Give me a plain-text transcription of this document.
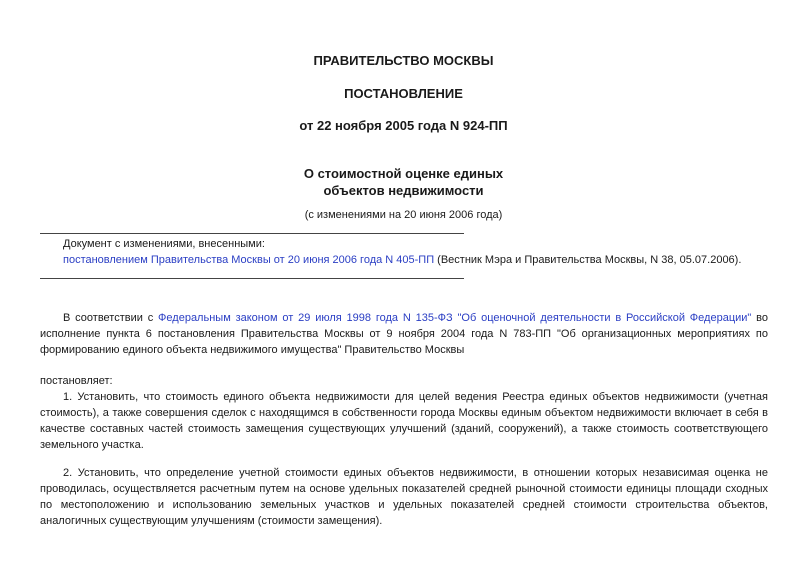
ПРАВИТЕЛЬСТВО МОСКВЫ
ПОСТАНОВЛЕНИЕ
от 22 ноября 2005 года N 924-ПП
О стоимостной оценке единых
объектов недвижимости
(с изменениями на 20 июня 2006 года)
Документ с изменениями, внесенными:
постановлением Правительства Москвы от 20 июня 2006 года N 405-ПП (Вестник Мэра и Правительства Москвы, N 38, 05.07.2006).

В соответствии с Федеральным законом от 29 июля 1998 года N 135-ФЗ "Об оценочной деятельности в Российской Федерации" во исполнение пункта 6 постановления Правительства Москвы от 9 ноября 2004 года N 783-ПП "Об организационных мероприятиях по формированию единого объекта недвижимого имущества" Правительство Москвы

постановляет:

1. Установить, что стоимость единого объекта недвижимости для целей ведения Реестра единых объектов недвижимости (учетная стоимость), а также совершения сделок с находящимся в собственности города Москвы единым объектом недвижимости включает в себя в качестве составных частей стоимость замещения существующих улучшений (зданий, сооружений), а также стоимость соответствующего земельного участка.

2. Установить, что определение учетной стоимости единых объектов недвижимости, в отношении которых независимая оценка не проводилась, осуществляется расчетным путем на основе удельных показателей средней рыночной стоимости единицы площади сходных по местоположению и использованию земельных участков и удельных показателей средней стоимости строительства объектов, аналогичных существующим улучшениям (стоимости замещения).
